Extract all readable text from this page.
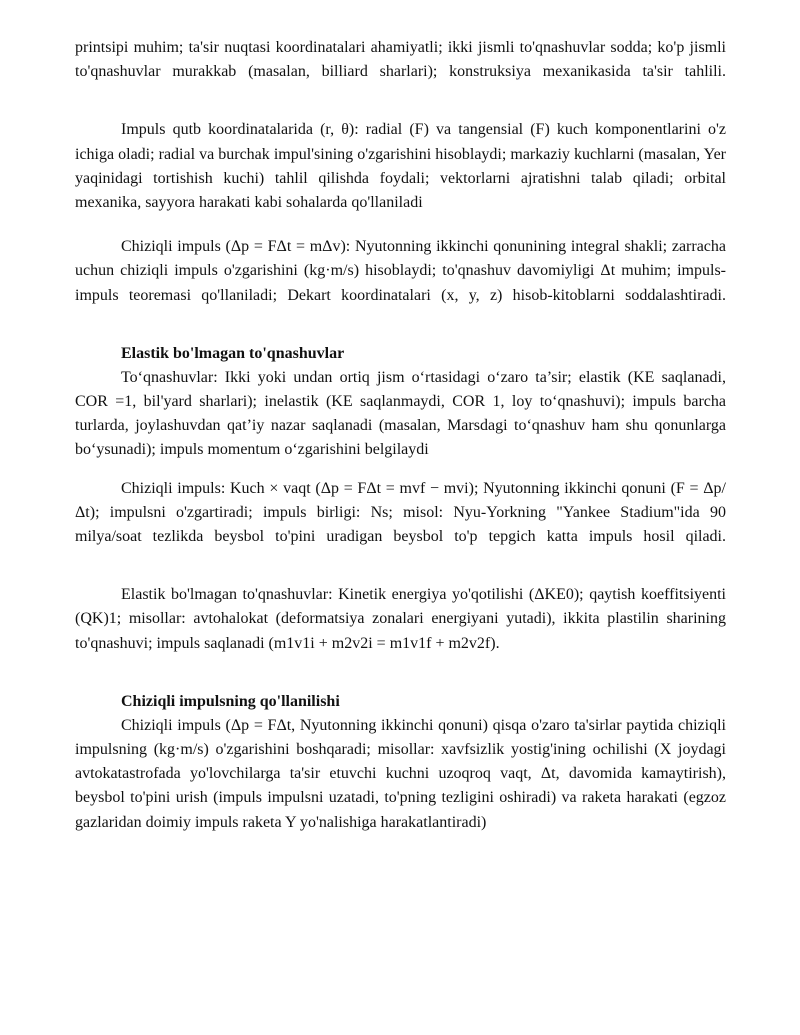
printsipi muhim; ta'sir nuqtasi koordinatalari ahamiyatli; ikki jismli to'qnashuvlar sodda; ko'p jismli to'qnashuvlar murakkab (masalan, billiard sharlari); konstruksiya mexanikasida ta'sir tahlili.

Impuls qutb koordinatalarida (r, θ): radial (F) va tangensial (F) kuch komponentlarini o'z ichiga oladi; radial va burchak impul'sining o'zgarishini hisoblaydi; markaziy kuchlarni (masalan, Yer yaqinidagi tortishish kuchi) tahlil qilishda foydali; vektorlarni ajratishni talab qiladi; orbital mexanika, sayyora harakati kabi sohalarda qo'llaniladi

Chiziqli impuls (Δp = FΔt = mΔv): Nyutonning ikkinchi qonunining integral shakli; zarracha uchun chiziqli impuls o'zgarishini (kg·m/s) hisoblaydi; to'qnashuv davomiyligi Δt muhim; impuls-impuls teoremasi qo'llaniladi; Dekart koordinatalari (x, y, z) hisob-kitoblarni soddalashtiradi.

Elastik bo'lmagan to'qnashuvlar

To‘qnashuvlar: Ikki yoki undan ortiq jism o‘rtasidagi o‘zaro ta’sir; elastik (KE saqlanadi, COR =1, bil'yard sharlari); inelastik (KE saqlanmaydi, COR 1, loy to‘qnashuvi); impuls barcha turlarda, joylashuvdan qat’iy nazar saqlanadi (masalan, Marsdagi to‘qnashuv ham shu qonunlarga bo‘ysunadi); impuls momentum o‘zgarishini belgilaydi

Chiziqli impuls: Kuch × vaqt (Δp = FΔt = mvf − mvi); Nyutonning ikkinchi qonuni (F = Δp/Δt); impulsni o'zgartiradi; impuls birligi: Ns; misol: Nyu-Yorkning "Yankee Stadium"ida 90 milya/soat tezlikda beysbol to'pini uradigan beysbol to'p tepgich katta impuls hosil qiladi.

Elastik bo'lmagan to'qnashuvlar: Kinetik energiya yo'qotilishi (ΔKE0); qaytish koeffitsiyenti (QK)1; misollar: avtohalokat (deformatsiya zonalari energiyani yutadi), ikkita plastilin sharining to'qnashuvi; impuls saqlanadi (m1v1i + m2v2i = m1v1f + m2v2f).

Chiziqli impulsning qo'llanilishi

Chiziqli impuls (Δp = FΔt, Nyutonning ikkinchi qonuni) qisqa o'zaro ta'sirlar paytida chiziqli impulsning (kg·m/s) o'zgarishini boshqaradi; misollar: xavfsizlik yostig'ining ochilishi (X joydagi avtokatastrofada yo'lovchilarga ta'sir etuvchi kuchni uzoqroq vaqt, Δt, davomida kamaytirish), beysbol to'pini urish (impuls impulsni uzatadi, to'pning tezligini oshiradi) va raketa harakati (egzoz gazlaridan doimiy impuls raketa Y yo'nalishiga harakatlantiradi)
